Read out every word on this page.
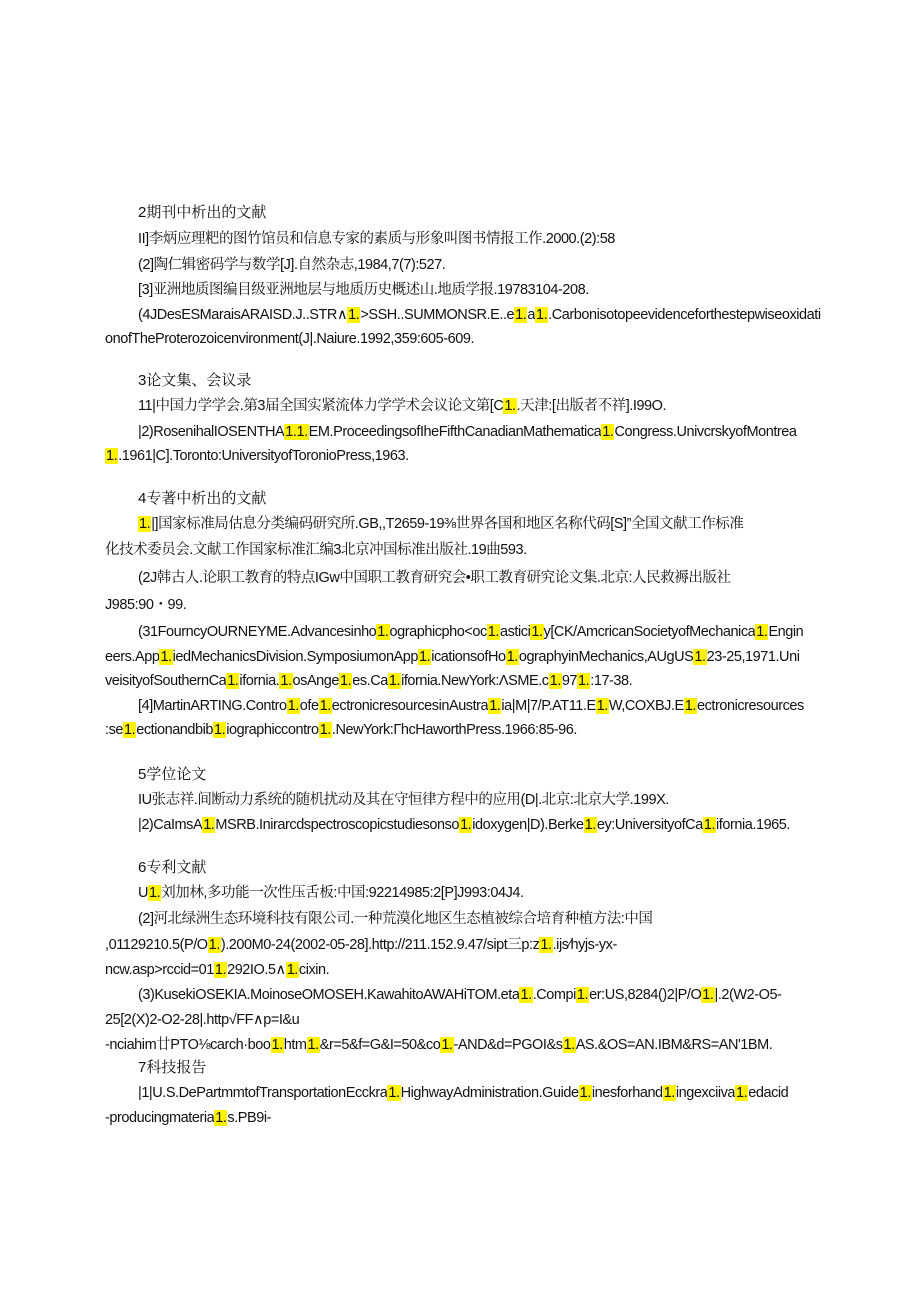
2期刊中析出的文献
II]李炳应理粑的图竹馆员和信息专家的素质与形象叫图书情报工作.2000.(2):58
(2]陶仁辑密码学与数学[J].自然杂志,1984,7(7):527.
[3]亚洲地质图编目级亚洲地层与地质历史概述山.地质学报.19783104-208.
(4JDesESMaraisARAISD.J..STR∧1.>SSH..SUMMONSR.E..e1.a1..Carbonisotopeevidenceforthestepwiseoxidati
onofTheProterozoicenvironment(J|.Naiure.1992,359:605-609.
3论文集、会议录
11|中国力学学会.第3届全国实紧流体力学学术会议论文第[C1..天津:[出版者不祥].I99O.
|2)RosenihalIOSENTHA1.1.EM.ProceedingsofIheFifthCanadianMathematica1.Congress.UnivcrskyofMontrea
1..1961|C].Toronto:UniversityofToronioPress,1963.
4专著中析出的文献
1.|]国家标准局估息分类编码研究所.GB,,T2659-19⅜世界各国和地区名称代码[S]”全国文献工作标准
化技术委员会.文献工作国家标准汇编3北京冲国标准出版社.19曲593.
(2J韩古人.论职工教育的特点IGw中国职工教育研究会•职工教育研究论文集.北京:人民救褥出版社
J985:90・99.
(31FourncyOURNEYME.Advancesinho1.ographicpho<oc1.astici1.y[CK/AmcricanSocietyofMechanica1.Engin
eers.App1.iedMechanicsDivision.SymposiumonApp1.icationsofHo1.ographyinMechanics,AUgUS1.23-25,1971.Uni
veisityofSouthernCa1.ifornia.1.osAnge1.es.Ca1.ifornia.NewYork:ΛSME.c1.971.:17-38.
[4]MartinARTING.Contro1.ofe1.ectronicresourcesinAustra1.ia|M|7/P.AT11.E1.W,COXBJ.E1.ectronicresources
:se1.ectionandbib1.iographiccontro1..NewYork:ΓhcHaworthPress.1966:85-96.
5学位论文
IU张志祥.间断动力系统的随机扰动及其在守恒律方程中的应用(D|.北京:北京大学.199X.
|2)CaImsA1.MSRB.Inirarcdspectroscopicstudiesonso1.idoxygen|D).Berke1.ey:UniversityofCa1.ifornia.1965.
6专利文献
U1.刘加林,多功能一次性压舌板:中国:92214985:2[P]J993:04J4.
(2]河北绿洲生态环境科技有限公司.一种荒漠化地区生态植被综合培育种植方法:中国
,01129210.5(P/O1.).200M0-24(2002-05-28].http://211.152.9.47/sipt三p:z1..ijs⁄hyjs-yx-
ncw.asp>rccid=011.292IO.5∧1.cixin.
(3)KusekiOSEKIA.MoinoseOMOSEH.KawahitoAWAHiTOM.eta1..Compi1.er:US,8284()2|P/O1.|.2(W2-O5-
25[2(X)2-O2-28|.http√FF∧p=I&u
-nciahim廿PTO⅛carch·boo1.htm1.&r=5&f=G&I=50&co1.-AND&d=PGOI&s1.AS.&OS=AN.IBM&RS=AN'1BM.
7科技报告
|1|U.S.DePartmmtofTransportationEcckra1.HighwayAdministration.Guide1.inesforhand1.ingexciiva1.edacid
-producingmateria1.s.PB9i-
